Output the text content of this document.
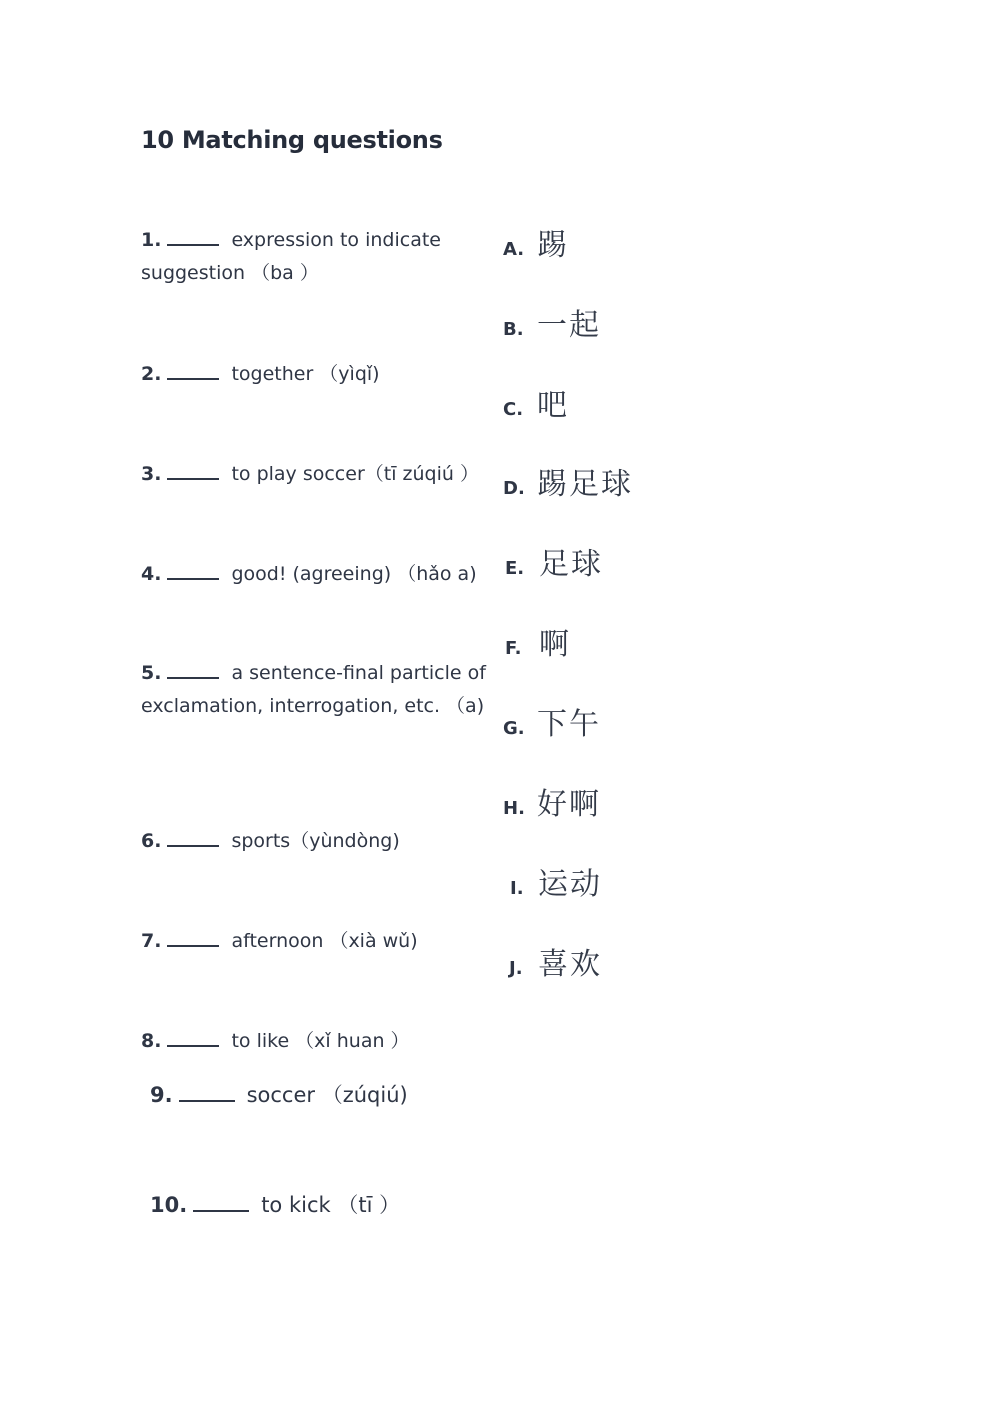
10 Matching questions
1.	expression to indicate suggestion （ba ）
2.	together （yìqǐ)
3.	to play soccer（tī zúqiú ）
4.	good! (agreeing) （hǎo a)
5.	a sentence-final particle of exclamation, interrogation, etc. （a)
6.	sports（yùndòng)
7.	afternoon （xià wǔ)
8.	to like （xǐ huan ）
9.	soccer （zúqiú)
10.	to kick （tī ）
A. 踢
B. 一起
C. 吧
D. 踢足球
E. 足球
F. 啊
G. 下午
H. 好啊
I. 运动
J. 喜欢
